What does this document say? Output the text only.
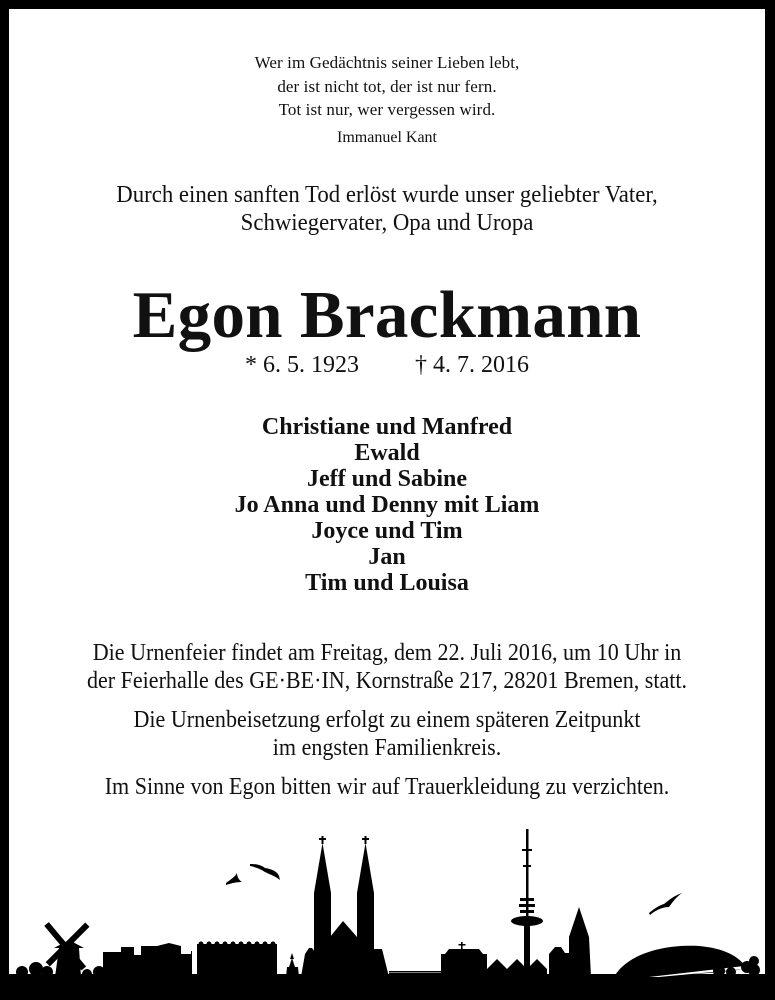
Wer im Gedächtnis seiner Lieben lebt,
der ist nicht tot, der ist nur fern.
Tot ist nur, wer vergessen wird.
Immanuel Kant
Durch einen sanften Tod erlöst wurde unser geliebter Vater,
Schwiegervater, Opa und Uropa
Egon Brackmann
* 6. 5. 1923 † 4. 7. 2016
Christiane und Manfred
Ewald
Jeff und Sabine
Jo Anna und Denny mit Liam
Joyce und Tim
Jan
Tim und Louisa
Die Urnenfeier findet am Freitag, dem 22. Juli 2016, um 10 Uhr in
der Feierhalle des GE·BE·IN, Kornstraße 217, 28201 Bremen, statt.
Die Urnenbeisetzung erfolgt zu einem späteren Zeitpunkt
im engsten Familienkreis.
Im Sinne von Egon bitten wir auf Trauerkleidung zu verzichten.
